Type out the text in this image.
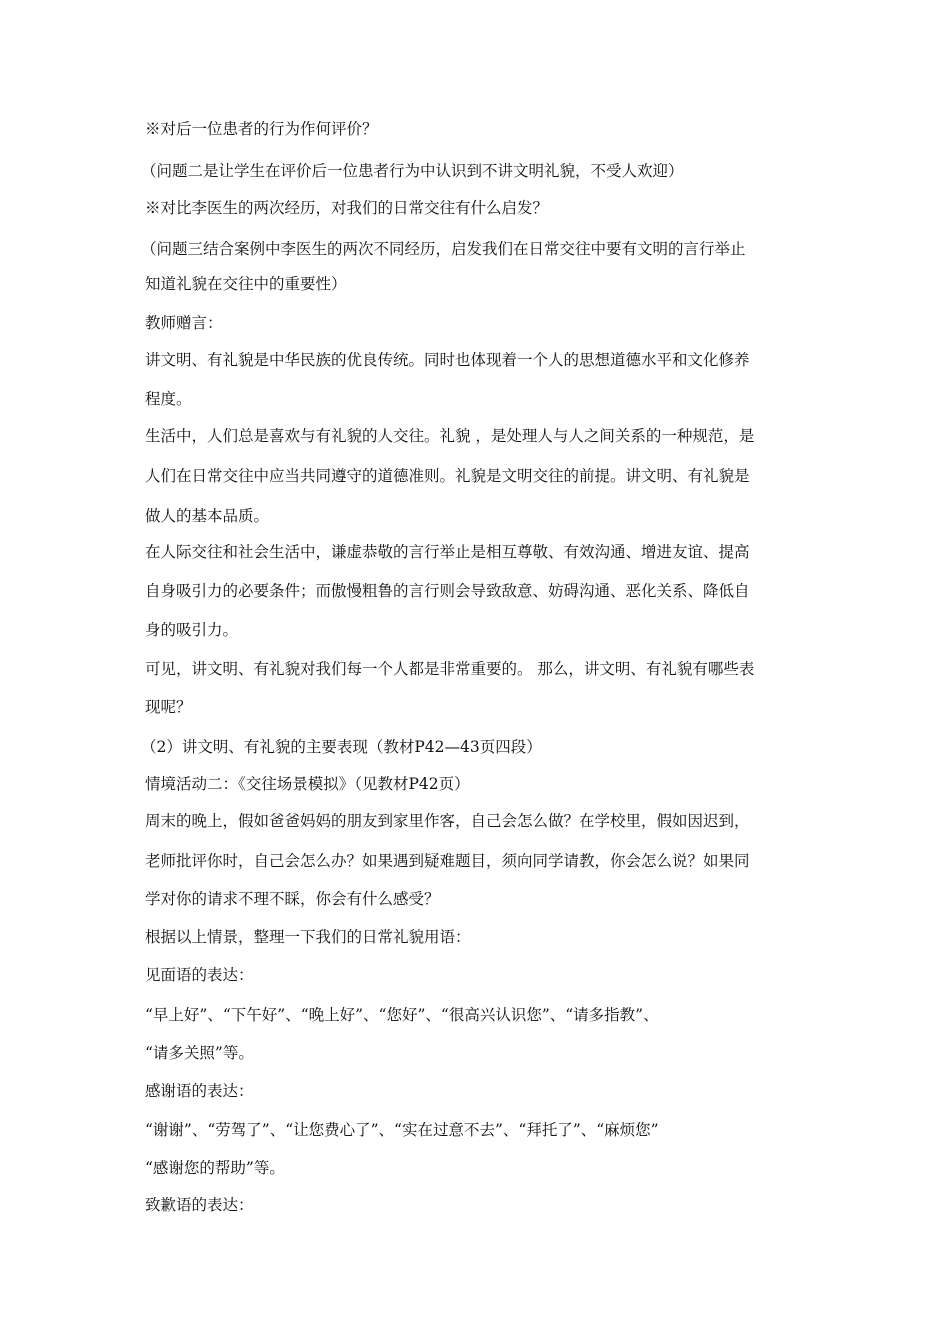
※对后一位患者的行为作何评价？

（问题二是让学生在评价后一位患者行为中认识到不讲文明礼貌，不受人欢迎）

※对比李医生的两次经历，对我们的日常交往有什么启发？

（问题三结合案例中李医生的两次不同经历，启发我们在日常交往中要有文明的言行举止

知道礼貌在交往中的重要性）

教师赠言：

讲文明、有礼貌是中华民族的优良传统。同时也体现着一个人的思想道德水平和文化修养

程度。

生活中，人们总是喜欢与有礼貌的人交往。礼貌 ，是处理人与人之间关系的一种规范，是

人们在日常交往中应当共同遵守的道德准则。礼貌是文明交往的前提。讲文明、有礼貌是

做人的基本品质。

在人际交往和社会生活中，谦虚恭敬的言行举止是相互尊敬、有效沟通、增进友谊、提高

自身吸引力的必要条件；而傲慢粗鲁的言行则会导致敌意、妨碍沟通、恶化关系、降低自

身的吸引力。

可见，讲文明、有礼貌对我们每一个人都是非常重要的。 那么，讲文明、有礼貌有哪些表

现呢？

（2）讲文明、有礼貌的主要表现（教材P42—43页四段）

情境活动二：《交往场景模拟》（见教材P42页）

周末的晚上，假如爸爸妈妈的朋友到家里作客，自己会怎么做？在学校里，假如因迟到，

老师批评你时，自己会怎么办？如果遇到疑难题目，须向同学请教，你会怎么说？如果同

学对你的请求不理不睬，你会有什么感受？

根据以上情景，整理一下我们的日常礼貌用语：

见面语的表达：

“早上好”、“下午好”、“晚上好”、“您好”、“很高兴认识您”、“请多指教”、

“请多关照”等。

感谢语的表达：

“谢谢”、“劳驾了”、“让您费心了”、“实在过意不去”、“拜托了”、“麻烦您”

“感谢您的帮助”等。

致歉语的表达：
